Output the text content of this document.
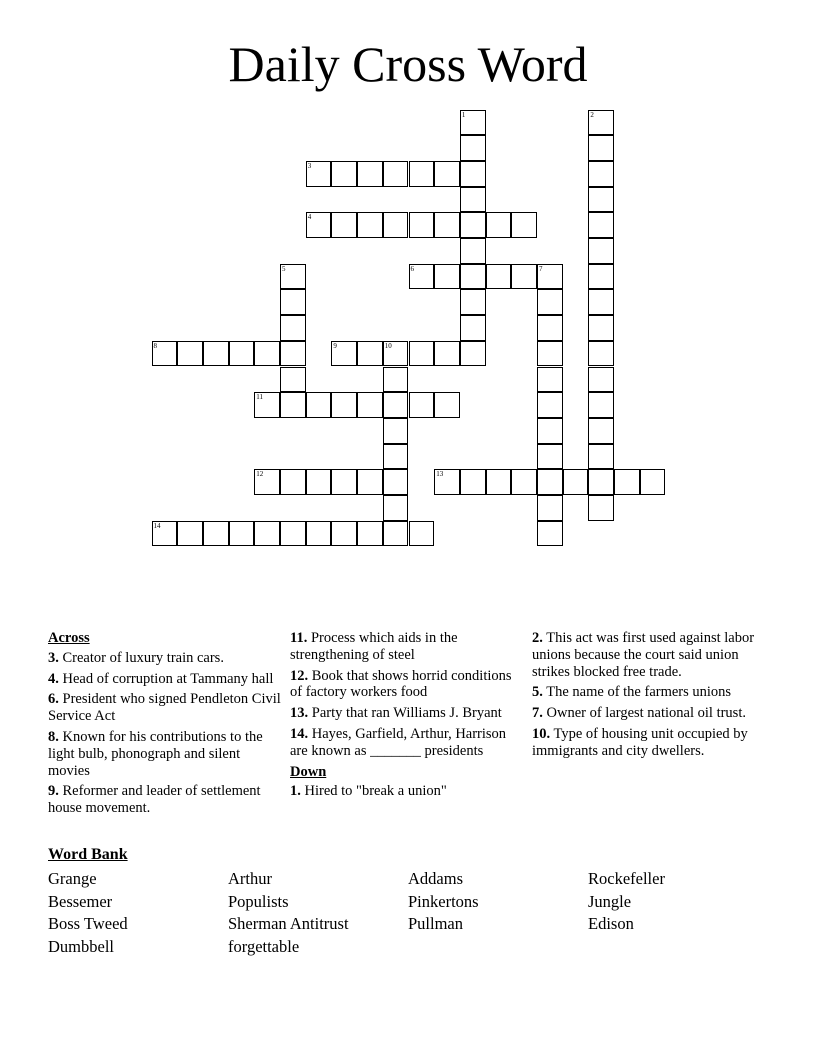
Daily Cross Word
1	2
3
4
5	6	7
8	9	10
11
12	13
14
Across
3. Creator of luxury train cars.
4. Head of corruption at Tammany hall
6. President who signed Pendleton Civil Service Act
8. Known for his contributions to the light bulb, phonograph and silent movies
9. Reformer and leader of settlement house movement.
11. Process which aids in the strengthening of steel
12. Book that shows horrid conditions of factory workers food
13. Party that ran Williams J. Bryant
14. Hayes, Garfield, Arthur, Harrison are known as _______ presidents
Down
1. Hired to "break a union"
2. This act was first used against labor unions because the court said union strikes blocked free trade.
5. The name of the farmers unions
7. Owner of largest national oil trust.
10. Type of housing unit occupied by immigrants and city dwellers.
Word Bank
Grange
Bessemer
Boss Tweed
Dumbbell
Arthur
Populists
Sherman Antitrust
forgettable
Addams
Pinkertons
Pullman
Rockefeller
Jungle
Edison
